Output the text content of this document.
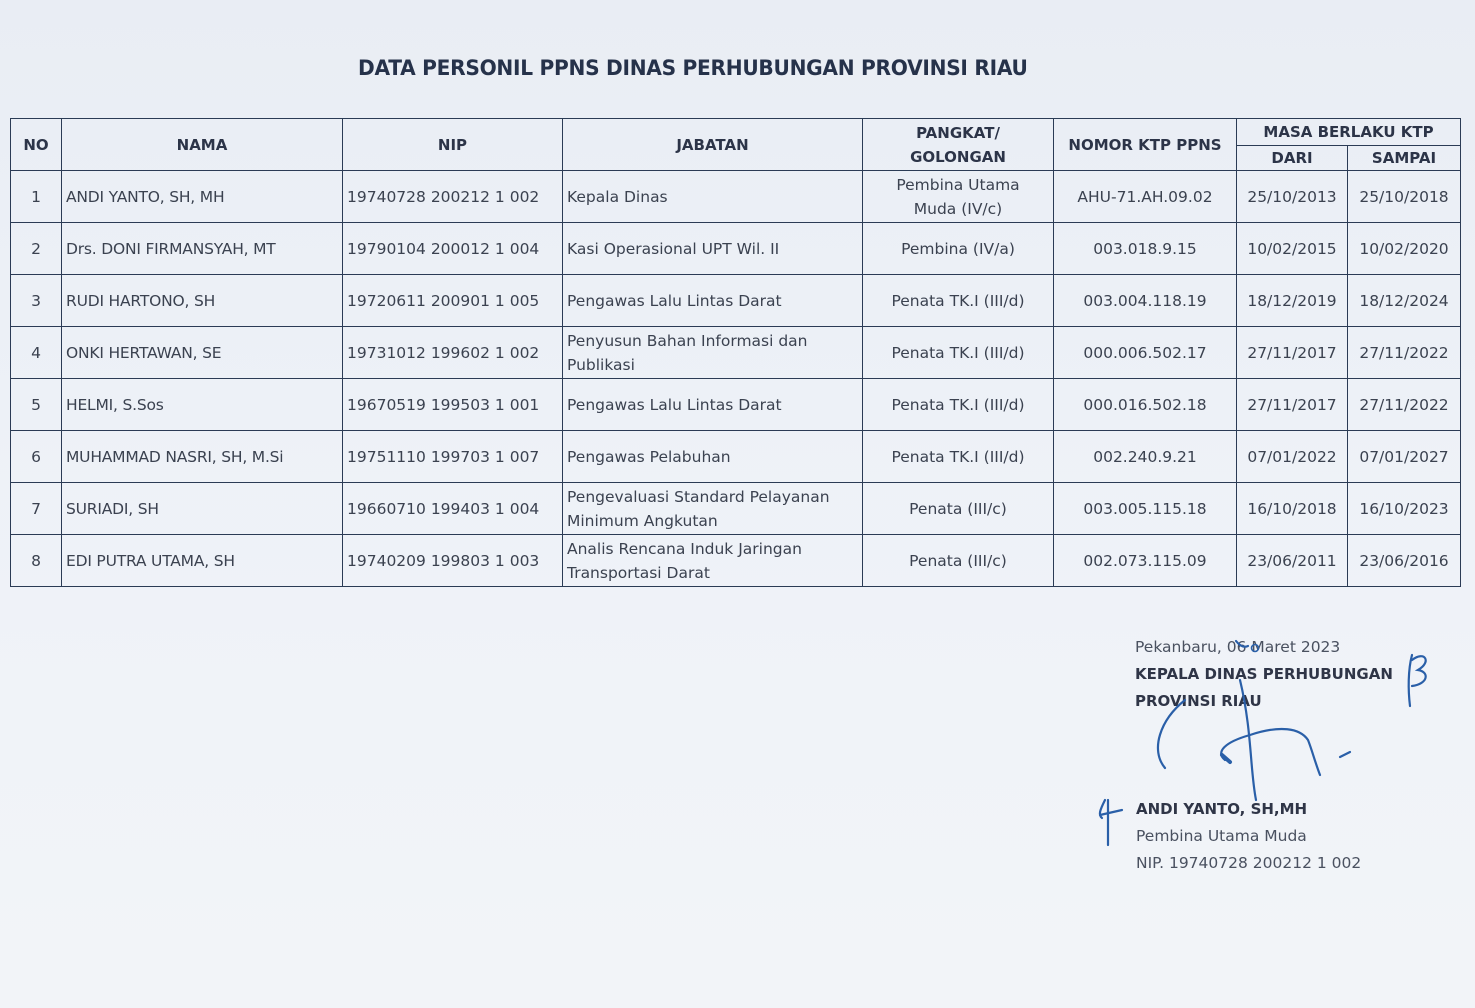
DATA PERSONIL PPNS DINAS PERHUBUNGAN PROVINSI RIAU
NO	NAMA	NIP	JABATAN	PANGKAT/
GOLONGAN	NOMOR KTP PPNS	MASA BERLAKU KTP	
						DARI	SAMPAI
1	ANDI YANTO, SH, MH	19740728 200212 1 002	Kepala Dinas	Pembina Utama Muda (IV/c)	AHU-71.AH.09.02	25/10/2013	25/10/2018
2	Drs. DONI FIRMANSYAH, MT	19790104 200012 1 004	Kasi Operasional UPT Wil. II	Pembina (IV/a)	003.018.9.15	10/02/2015	10/02/2020
3	RUDI HARTONO, SH	19720611 200901 1 005	Pengawas Lalu Lintas Darat	Penata TK.I (III/d)	003.004.118.19	18/12/2019	18/12/2024
4	ONKI HERTAWAN, SE	19731012 199602 1 002	Penyusun Bahan Informasi dan Publikasi	Penata TK.I (III/d)	000.006.502.17	27/11/2017	27/11/2022
5	HELMI, S.Sos	19670519 199503 1 001	Pengawas Lalu Lintas Darat	Penata TK.I (III/d)	000.016.502.18	27/11/2017	27/11/2022
6	MUHAMMAD NASRI, SH, M.Si	19751110 199703 1 007	Pengawas Pelabuhan	Penata TK.I (III/d)	002.240.9.21	07/01/2022	07/01/2027
7	SURIADI, SH	19660710 199403 1 004	Pengevaluasi Standard Pelayanan Minimum Angkutan	Penata (III/c)	003.005.115.18	16/10/2018	16/10/2023
8	EDI PUTRA UTAMA, SH	19740209 199803 1 003	Analis Rencana Induk Jaringan Transportasi Darat	Penata (III/c)	002.073.115.09	23/06/2011	23/06/2016
Pekanbaru, 06 Maret 2023
KEPALA DINAS PERHUBUNGAN
PROVINSI RIAU
ANDI YANTO, SH,MH
Pembina Utama Muda
NIP. 19740728 200212 1 002
